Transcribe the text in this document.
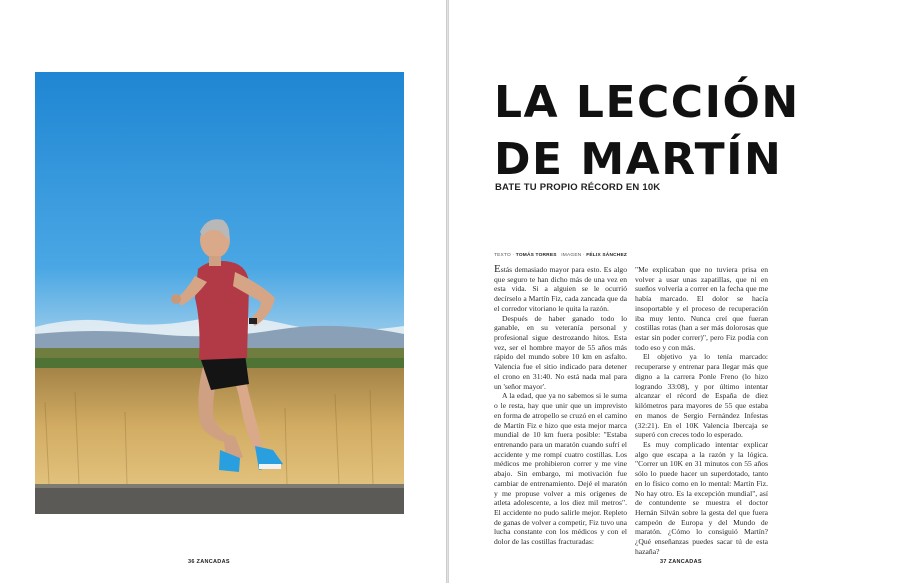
36 ZANCADAS
LA LECCIÓN
DE MARTÍN
BATE TU PROPIO RÉCORD EN 10K
TEXTO · TOMÁS TORRES IMAGEN · FÉLIX SÁNCHEZ

Estás demasiado mayor para esto. Es algo que seguro te han dicho más de una vez en esta vida. Si a alguien se le ocurrió decírselo a Martín Fiz, cada zancada que da el corredor vitoriano le quita la razón.

Después de haber ganado todo lo ganable, en su veteranía personal y profesional sigue destrozando hitos. Esta vez, ser el hombre mayor de 55 años más rápido del mundo sobre 10 km en asfalto. Valencia fue el sitio indicado para detener el crono en 31:40. No está nada mal para un 'señor mayor'.

A la edad, que ya no sabemos si le suma o le resta, hay que unir que un imprevisto en forma de atropello se cruzó en el camino de Martín Fiz e hizo que esta mejor marca mundial de 10 km fuera posible: "Estaba entrenando para un maratón cuando sufrí el accidente y me rompí cuatro costillas. Los médicos me prohibieron correr y me vine abajo. Sin embargo, mi motivación fue cambiar de entrenamiento. Dejé el maratón y me propuse volver a mis orígenes de atleta adolescente, a los diez mil metros". El accidente no pudo salirle mejor. Repleto de ganas de volver a competir, Fiz tuvo una lucha constante con los médicos y con el dolor de las costillas fracturadas:

"Me explicaban que no tuviera prisa en volver a usar unas zapatillas, que ni en sueños volvería a correr en la fecha que me había marcado. El dolor se hacía insoportable y el proceso de recuperación iba muy lento. Nunca creí que fueran costillas rotas (han a ser más dolorosas que estar sin poder correr)", pero Fiz podía con todo eso y con más.

El objetivo ya lo tenía marcado: recuperarse y entrenar para llegar más que digno a la carrera Ponle Freno (lo hizo logrando 33:08), y por último intentar alcanzar el récord de España de diez kilómetros para mayores de 55 que estaba en manos de Sergio Fernández Infestas (32:21). En el 10K Valencia Ibercaja se superó con creces todo lo esperado.

Es muy complicado intentar explicar algo que escapa a la razón y la lógica. "Correr un 10K en 31 minutos con 55 años sólo lo puede hacer un superdotado, tanto en lo físico como en lo mental: Martín Fiz. No hay otro. Es la excepción mundial", así de contundente se muestra el doctor Hernán Silván sobre la gesta del que fuera campeón de Europa y del Mundo de maratón. ¿Cómo lo consiguió Martín? ¿Qué enseñanzas puedes sacar tú de esta hazaña?

37 ZANCADAS
